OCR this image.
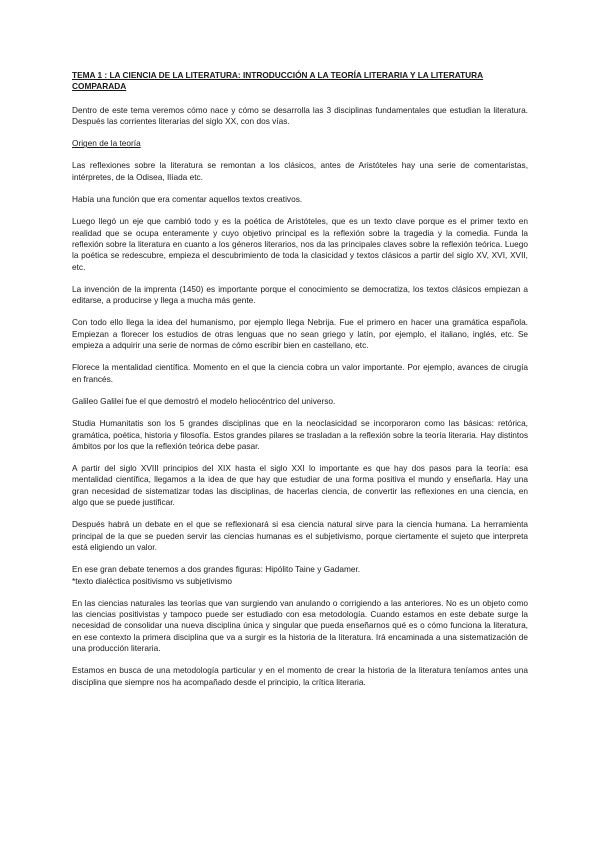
TEMA 1 : LA CIENCIA DE LA LITERATURA: INTRODUCCIÓN A LA TEORÍA LITERARIA Y LA LITERATURA COMPARADA

Dentro de este tema veremos cómo nace y cómo se desarrolla las 3 disciplinas fundamentales que estudian la literatura. Después las corrientes literarias del siglo XX, con dos vías.

Origen de la teoría

Las reflexiones sobre la literatura se remontan a los clásicos, antes de Aristóteles hay una serie de comentaristas, intérpretes, de la Odisea, Ilíada etc.

Había una función que era comentar aquellos textos creativos.

Luego llegó un eje que cambió todo y es la poética de Aristóteles, que es un texto clave porque es el primer texto en realidad que se ocupa enteramente y cuyo objetivo principal es la reflexión sobre la tragedia y la comedia. Funda la reflexión sobre la literatura en cuanto a los géneros literarios, nos da las principales claves sobre la reflexión teórica. Luego la poética se redescubre, empieza el descubrimiento de toda la clasicidad y textos clásicos a partir del siglo XV, XVI, XVII, etc.

La invención de la imprenta (1450) es importante porque el conocimiento se democratiza, los textos clásicos empiezan a editarse, a producirse y llega a mucha más gente.

Con todo ello llega la idea del humanismo, por ejemplo llega Nebrija. Fue el primero en hacer una gramática española. Empiezan a florecer los estudios de otras lenguas que no sean griego y latín, por ejemplo, el italiano, inglés, etc. Se empieza a adquirir una serie de normas de cómo escribir bien en castellano, etc.

Florece la mentalidad científica. Momento en el que la ciencia cobra un valor importante. Por ejemplo, avances de cirugía en francés.

Galileo Galilei fue el que demostró el modelo heliocéntrico del universo.

Studia Humanitatis son los 5 grandes disciplinas que en la neoclasicidad se incorporaron como las básicas: retórica, gramática, poética, historia y filosofía. Estos grandes pilares se trasladan a la reflexión sobre la teoría literaria. Hay distintos ámbitos por los que la reflexión teórica debe pasar.

A partir del siglo XVIII principios del XIX hasta el siglo XXI lo importante es que hay dos pasos para la teoría: esa mentalidad científica, llegamos a la idea de que hay que estudiar de una forma positiva el mundo y enseñarla. Hay una gran necesidad de sistematizar todas las disciplinas, de hacerlas ciencia, de convertir las reflexiones en una ciencia, en algo que se puede justificar.

Después habrá un debate en el que se reflexionará si esa ciencia natural sirve para la ciencia humana. La herramienta principal de la que se pueden servir las ciencias humanas es el subjetivismo, porque ciertamente el sujeto que interpreta está eligiendo un valor.

En ese gran debate tenemos a dos grandes figuras: Hipólito Taine y Gadamer.

*texto dialéctica positivismo vs subjetivismo

En las ciencias naturales las teorías que van surgiendo van anulando o corrigiendo a las anteriores. No es un objeto como las ciencias positivistas y tampoco puede ser estudiado con esa metodología. Cuando estamos en este debate surge la necesidad de consolidar una nueva disciplina única y singular que pueda enseñarnos qué es o cómo funciona la literatura, en ese contexto la primera disciplina que va a surgir es la historia de la literatura. Irá encaminada a una sistematización de una producción literaria.

Estamos en busca de una metodología particular y en el momento de crear la historia de la literatura teníamos antes una disciplina que siempre nos ha acompañado desde el principio, la crítica literaria.
